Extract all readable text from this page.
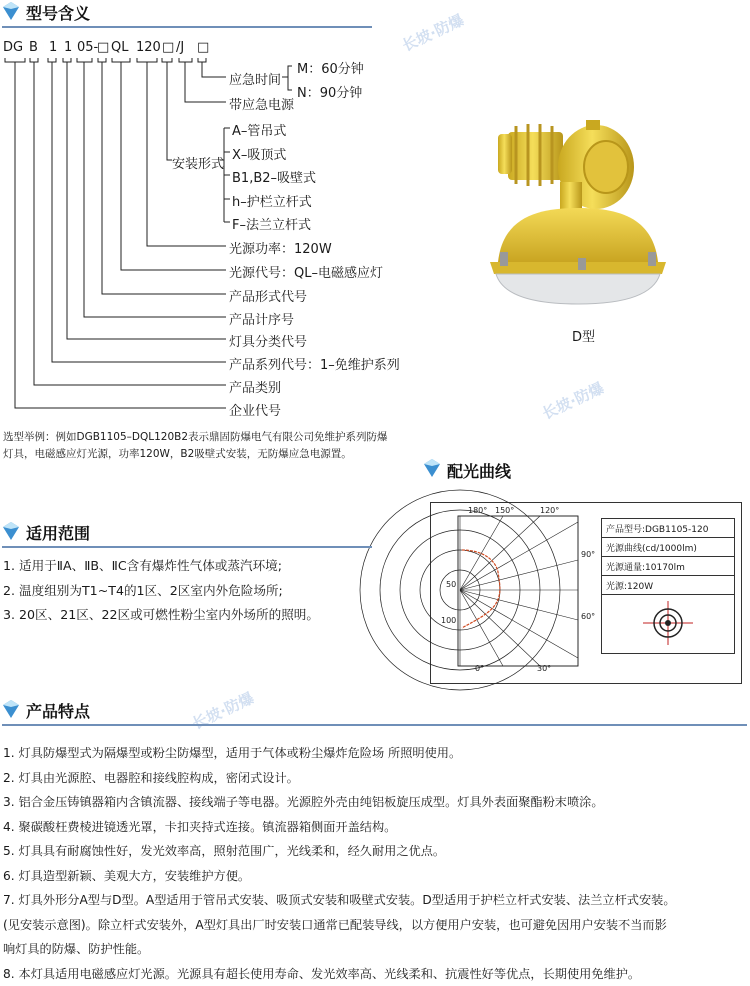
型号含义
DG B 1 1 05-
□ QL 120 □ /J □
应急时间
M：60分钟
N：90分钟
带应急电源
安装形式
A–管吊式
X–吸顶式
B1,B2–吸壁式
h–护栏立杆式
F–法兰立杆式
光源功率：120W
光源代号：QL–电磁感应灯
产品形式代号
产品计序号
灯具分类代号
产品系列代号：1–免维护系列
产品类别
企业代号
选型举例：例如DGB1105–DQL120B2表示鼎固防爆电气有限公司免维护系列防爆
灯具，电磁感应灯光源，功率120W，B2吸壁式安装，无防爆应急电源置。
D型
长坡·防爆
长坡·防爆
长坡·防爆
配光曲线
180° 150°	120°
90°
60°
0°	30°
50
100
产品型号:DGB1105-120
光源曲线(cd/1000lm)
光源通量:10170lm
光源:120W

适用范围
1. 适用于ⅡA、ⅡB、ⅡC含有爆炸性气体或蒸汽环境;
2. 温度组别为T1~T4的1区、2区室内外危险场所;
3. 20区、21区、22区或可燃性粉尘室内外场所的照明。
产品特点
1. 灯具防爆型式为隔爆型或粉尘防爆型，适用于气体或粉尘爆炸危险场 所照明使用。
2. 灯具由光源腔、电器腔和接线腔构成，密闭式设计。
3. 铝合金压铸镇器箱内含镇流器、接线端子等电器。光源腔外壳由纯铝板旋压成型。灯具外表面聚酯粉末喷涂。
4. 聚碳酸枉费棱进镜透光罩，卡扣夹持式连接。镇流器箱侧面开盖结构。
5. 灯具具有耐腐蚀性好，发光效率高，照射范围广，光线柔和，经久耐用之优点。
6. 灯具造型新颖、美观大方，安装维护方便。
7. 灯具外形分A型与D型。A型适用于管吊式安装、吸顶式安装和吸壁式安装。D型适用于护栏立杆式安装、法兰立杆式安装。
(见安装示意图)。除立杆式安装外，A型灯具出厂时安装口通常已配装导线，以方便用户安装，也可避免因用户安装不当而影
响灯具的防爆、防护性能。
8. 本灯具适用电磁感应灯光源。光源具有超长使用寿命、发光效率高、光线柔和、抗震性好等优点，长期使用免维护。
